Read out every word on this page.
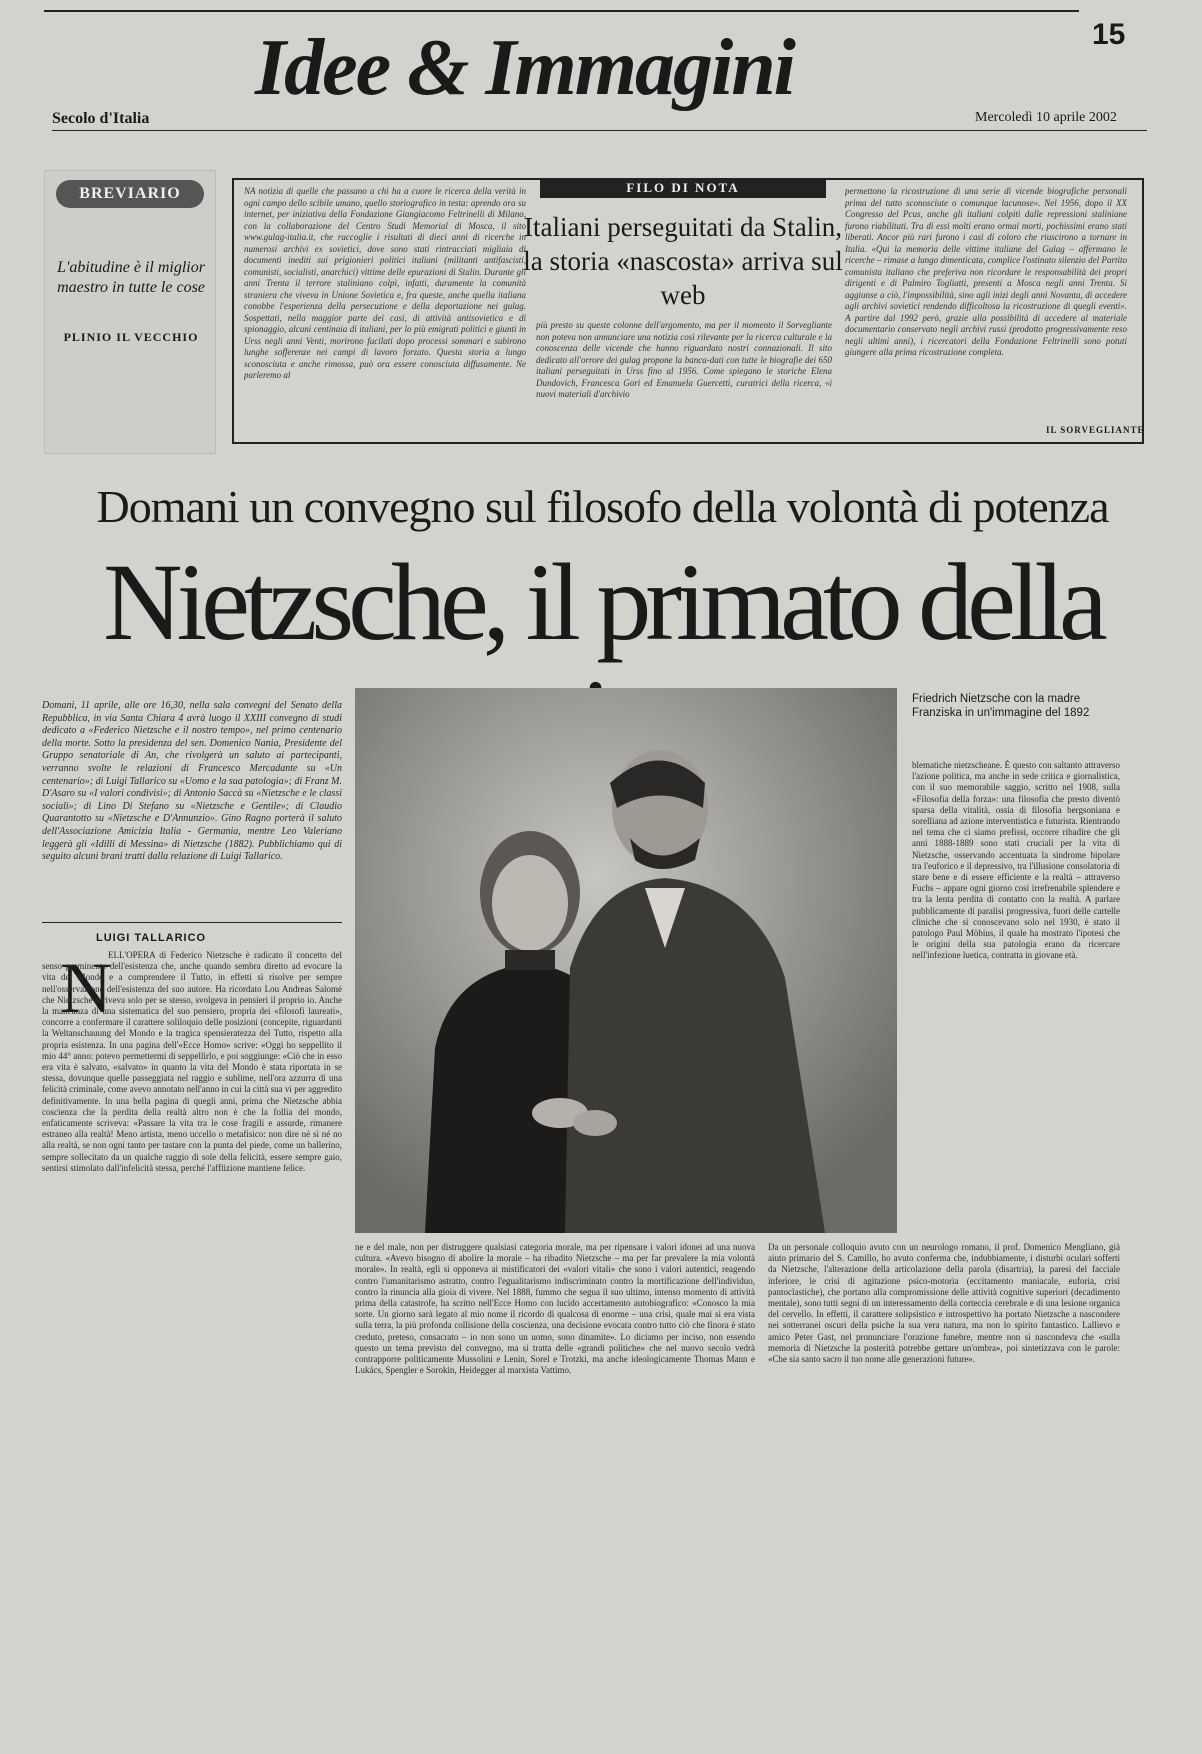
15
Idee & Immagini
Secolo d'Italia	Mercoledì 10 aprile 2002
BREVIARIO
L'abitudine è il miglior maestro in tutte le cose
PLINIO IL VECCHIO
FILO DI NOTA
NA notizia di quelle che passano a chi ha a cuore le ricerca della verità in ogni campo dello scibile umano, quello storiografico in testa: aprendo ora su internet, per iniziativa della Fondazione Giangiacomo Feltrinelli di Milano, con la collaborazione del Centro Studi Memorial di Mosca, il sito www.gulag-italia.it, che raccoglie i risultati di dieci anni di ricerche in numerosi archivi ex sovietici, dove sono stati rintracciati migliaia di documenti inediti sui prigionieri politici italiani (militanti antifascisti, comunisti, socialisti, anarchici) vittime delle epurazioni di Stalin. Durante gli anni Trenta il terrore staliniano colpì, infatti, duramente la comunità straniera che viveva in Unione Sovietica e, fra queste, anche quella italiana conobbe l'esperienza della persecuzione e della deportazione nei gulag. Sospettati, nella maggior parte dei casi, di attività antisovietica e di spionaggio, alcuni centinaia di italiani, per lo più emigrati politici e giunti in Urss negli anni Venti, morirono fucilati dopo processi sommari e subirono lunghe sofferenze nei campi di lavoro forzato. Questa storia a lungo sconosciuta e anche rimossa, può ora essere conosciuta diffusamente. Ne parleremo al
Italiani perseguitati da Stalin, la storia «nascosta» arriva sul web
più presto su queste colonne dell'argomento, ma per il momento il Sorvegliante non poteva non annunciare una notizia così rilevante per la ricerca culturale e la conoscenza delle vicende che hanno riguardato nostri connazionali. Il sito dedicato all'orrore dei gulag propone la banca-dati con tutte le biografie dei 650 italiani perseguitati in Urss fino al 1956. Come spiegano le storiche Elena Dundovich, Francesca Gori ed Emanuela Guercetti, curatrici della ricerca, «i nuovi materiali d'archivio
permettono la ricostruzione di una serie di vicende biografiche personali prima del tutto sconosciute o comunque lacunose». Nel 1956, dopo il XX Congresso del Pcus, anche gli italiani colpiti dalle repressioni staliniane furono riabilitati. Tra di essi molti erano ormai morti, pochissimi erano stati liberati. Ancor più rari furono i casi di coloro che riuscirono a tornare in Italia. «Qui la memoria delle vittime italiane del Gulag – affermano le ricerche – rimase a lungo dimenticata, complice l'ostinato silenzio del Partito comunista italiano che preferiva non ricordare le responsabilità dei propri dirigenti e di Palmiro Togliatti, presenti a Mosca negli anni Trenta. Si aggiunse a ciò, l'impossibilità, sino agli inizi degli anni Novanta, di accedere agli archivi sovietici rendendo difficoltosa la ricostruzione di quegli eventi». A partire dal 1992 però, grazie alla possibilità di accedere al materiale documentario conservato negli archivi russi (prodotto progressivamente reso negli ultimi anni), i ricercatori della Fondazione Feltrinelli sono potuti giungere alla prima ricostruzione completa.
IL SORVEGLIANTE
Domani un convegno sul filosofo della volontà di potenza
Nietzsche, il primato della
Domani, 11 aprile, alle ore 16,30, nella sala convegni del Senato della Repubblica, in via Santa Chiara 4 avrà luogo il XXIII convegno di studi dedicato a «Federico Nietzsche e il nostro tempo», nel primo centenario della morte. Sotto la presidenza del sen. Domenico Nania, Presidente del Gruppo senatoriale di An, che rivolgerà un saluto ai partecipanti, verranno svolte le relazioni di Francesco Mercadante su «Un centenario»; di Luigi Tallarico su «Uomo e la sua patologia»; di Franz M. D'Asaro su «I valori condivisi»; di Antonio Saccà su «Nietzsche e le classi sociali»; di Lino Di Stefano su «Nietzsche e Gentile»; di Claudio Quarantotto su «Nietzsche e D'Annunzio». Gino Ragno porterà il saluto dell'Associazione Amicizia Italia - Germania, mentre Leo Valeriano leggerà gli «Idilli di Messina» di Nietzsche (1882). Pubblichiamo qui di seguito alcuni brani tratti dalla relazione di Luigi Tallarico.
LUIGI TALLARICO
N
Friedrich Nietzsche con la madre Franziska in un'immagine del 1892
ELL'OPERA di Federico Nietzsche è radicato il concetto del senso preminente dell'esistenza che, anche quando sembra diretto ad evocare la vita del Mondo e a comprendere il Tutto, in effetti si risolve per sempre nell'osservazione dell'esistenza del suo autore. Ha ricordato Lou Andreas Salomé che Nietzsche scriveva solo per se stesso, svolgeva in pensieri il proprio io. Anche la mancanza di una sistematica del suo pensiero, propria dei «filosofi laureati», concorre a confermare il carattere soliloquio delle posizioni (concepite, riguardanti la Weltanschauung del Mondo e la tragica spensieratezza del Tutto, rispetto alla propria esistenza. In una pagina dell'«Ecce Homo» scrive: «Oggi ho seppellito il mio 44° anno: potevo permettermi di seppellirlo, e poi soggiunge: «Ciò che in esso era vita è salvato, «salvato» in quanto la vita del Mondo è stata riportata in se stessa, dovunque quelle passeggiata nel raggio e sublime, nell'ora azzurra di una felicità criminale, come avevo annotato nell'anno in cui la città sua vi per aggredito definitivamente. In una bella pagina di quegli anni, prima che Nietzsche abbia coscienza che la perdita della realtà altro non è che la follia del mondo, enfaticamente scriveva: «Passare la vita tra le cose fragili e assurde, rimanere estraneo alla realtà! Meno artista, meno uccello o metafisico: non dire né sì né no alla realtà, se non ogni tanto per tastare con la punta del piede, come un ballerino, sempre sollecitato da un qualche raggio di sole della felicità, essere sempre gaio, sentirsi stimolato dall'infelicità stessa, perché l'afflizione mantiene felice.
ne e del male, non per distruggere qualsiasi categoria morale, ma per ripensare i valori idonei ad una nuova cultura. «Avevo bisogno di abolire la morale – ha ribadito Nietzsche – ma per far prevalere la mia volontà morale». In realtà, egli si opponeva ai mistificatori dei «valori vitali» che sono i valori autentici, reagendo contro l'umanitarismo astratto, contro l'egualitarismo indiscriminato contro la mortificazione dell'individuo, contro la rinuncia alla gioia di vivere. Nel 1888, fummo che segua il suo ultimo, intenso momento di attività prima della catastrofe, ha scritto nell'Ecce Homo con lucido accertamento autobiografico: «Conosco la mia sorte. Un giorno sarà legato al mio nome il ricordo di qualcosa di enorme – una crisi, quale mai si era vista sulla terra, la più profonda collisione della coscienza, una decisione evocata contro tutto ciò che finora è stato creduto, preteso, consacrato – io non sono un uomo, sono dinamite». Lo diciamo per inciso, non essendo questo un tema previsto del convegno, ma si tratta delle «grandi politiche» che nel nuovo secolo vedrà contrapporre politicamente Mussolini e Lenin, Sorel e Trotzki, ma anche ideologicamente Thomas Mann e Lukács, Spengler e Sorokin, Heidegger al marxista Vattimo.
blematiche nietzscheane. È questo con saltanto attraverso l'azione politica, ma anche in sede critica e giornalistica, con il suo memorabile saggio, scritto nel 1908, sulla «Filosofia della forza»: una filosofia che presto diventò sparsa della vitalità, ossia di filosofia bergsoniana e sorelliana ad azione interventistica e futurista. Rientrando nel tema che ci siamo prefissi, occorre ribadire che gli anni 1888-1889 sono stati cruciali per la vita di Nietzsche, osservando accentuata la sindrome bipolare tra l'euforico e il depressivo, tra l'illusione consolatoria di stare bene e di essere efficiente e la realtà – attraverso Fuchs – appare ogni giorno così irrefrenabile splendere e tra la lenta perdita di contatto con la realtà. A parlare pubblicamente di paralisi progressiva, fuori delle cartelle cliniche che si conoscevano solo nel 1930, è stato il patologo Paul Möbius, il quale ha mostrato l'ipotesi che le origini della sua patologia erano da ricercare nell'infezione luetica, contratta in giovane età.
Da un personale colloquio avuto con un neurologo romano, il prof. Domenico Mengliano, già aiuto primario del S. Camillo, ho avuto conferma che, indubbiamente, i disturbi oculari sofferti da Nietzsche, l'alterazione della articolazione della parola (disartria), la paresi del facciale inferiore, le crisi di agitazione psico-motoria (eccitamento maniacale, euforia, crisi pantoclastiche), che portano alla compromissione delle attività cognitive superiori (decadimento mentale), sono tutti segni di un interessamento della corteccia cerebrale e di una lesione organica del cervello. In effetti, il carattere solipsistico e introspettivo ha portato Nietzsche a nascondere nei sotterranei oscuri della psiche la sua vera natura, ma non lo spirito fantastico. Lallievo e amico Peter Gast, nel pronunciare l'orazione funebre, mentre non si nascondeva che «sulla memoria di Nietzsche la posterità potrebbe gettare un'ombra», poi sintetizzava con le parole: «Che sia santo sacro il tuo nome alle generazioni future».
